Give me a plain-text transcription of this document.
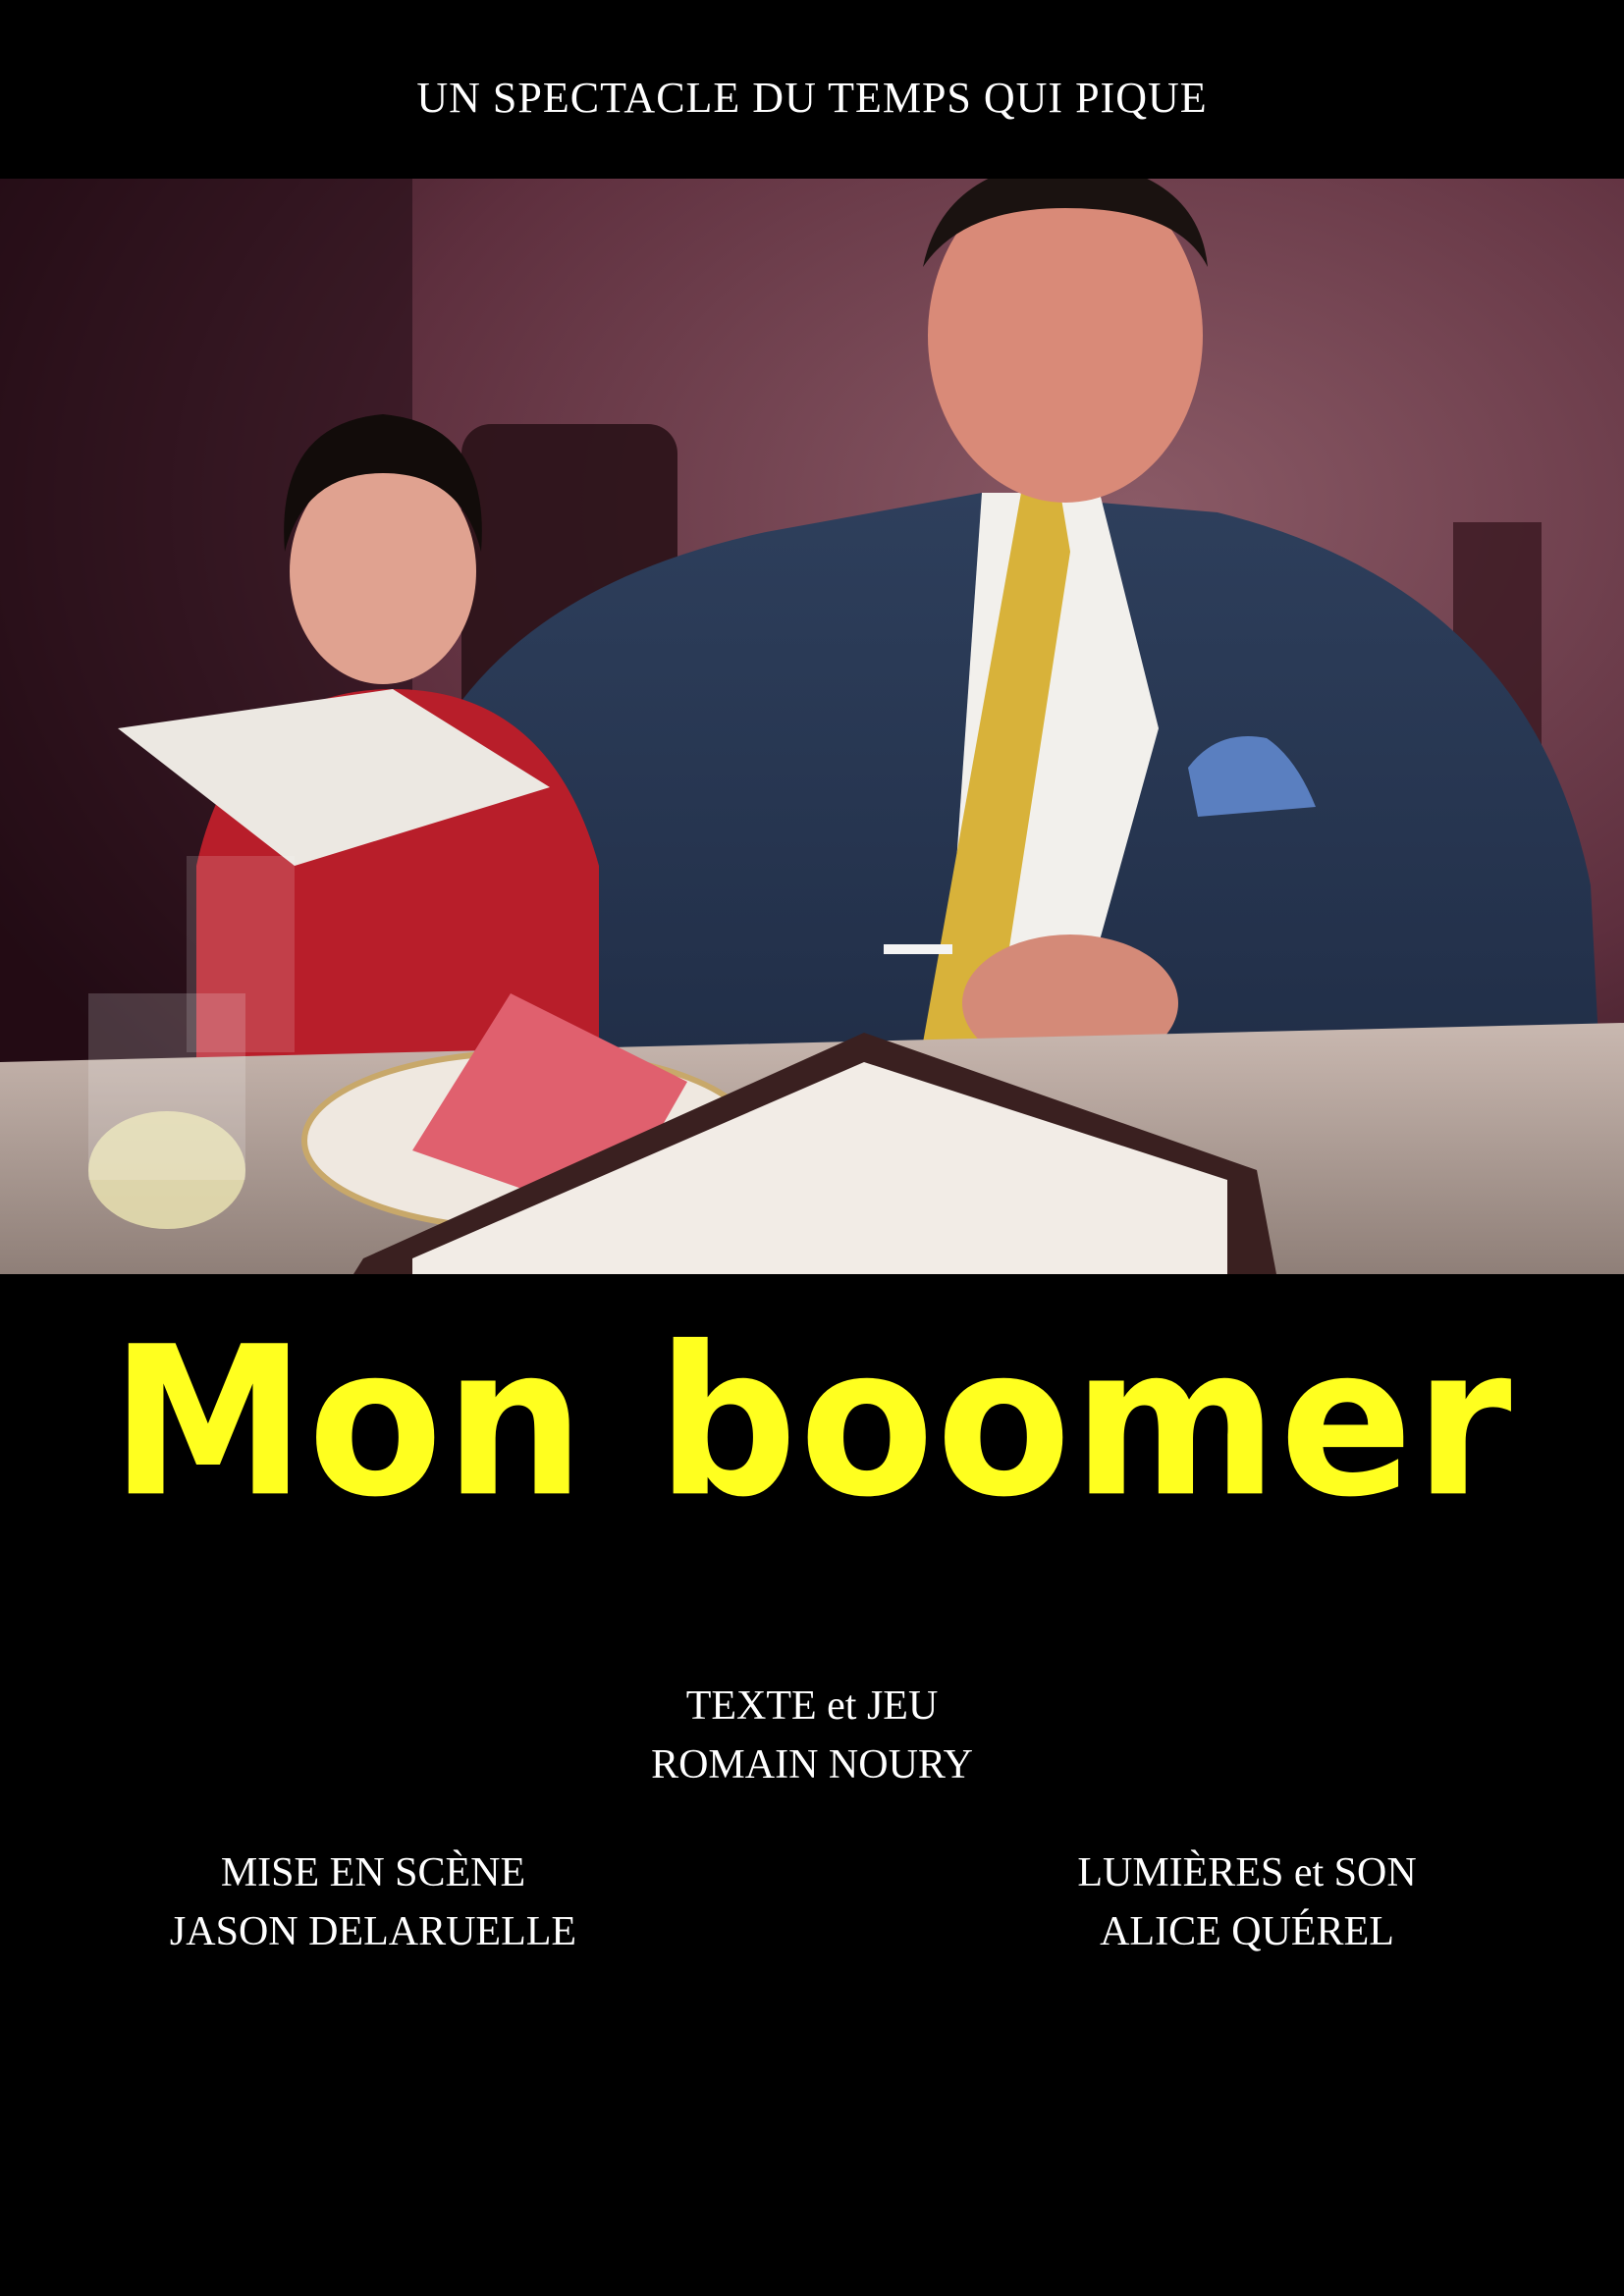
UN SPECTACLE DU TEMPS QUI PIQUE
Mon boomer
TEXTE et JEU
ROMAIN NOURY
MISE EN SCÈNE
JASON DELARUELLE
LUMIÈRES et SON
ALICE QUÉREL
